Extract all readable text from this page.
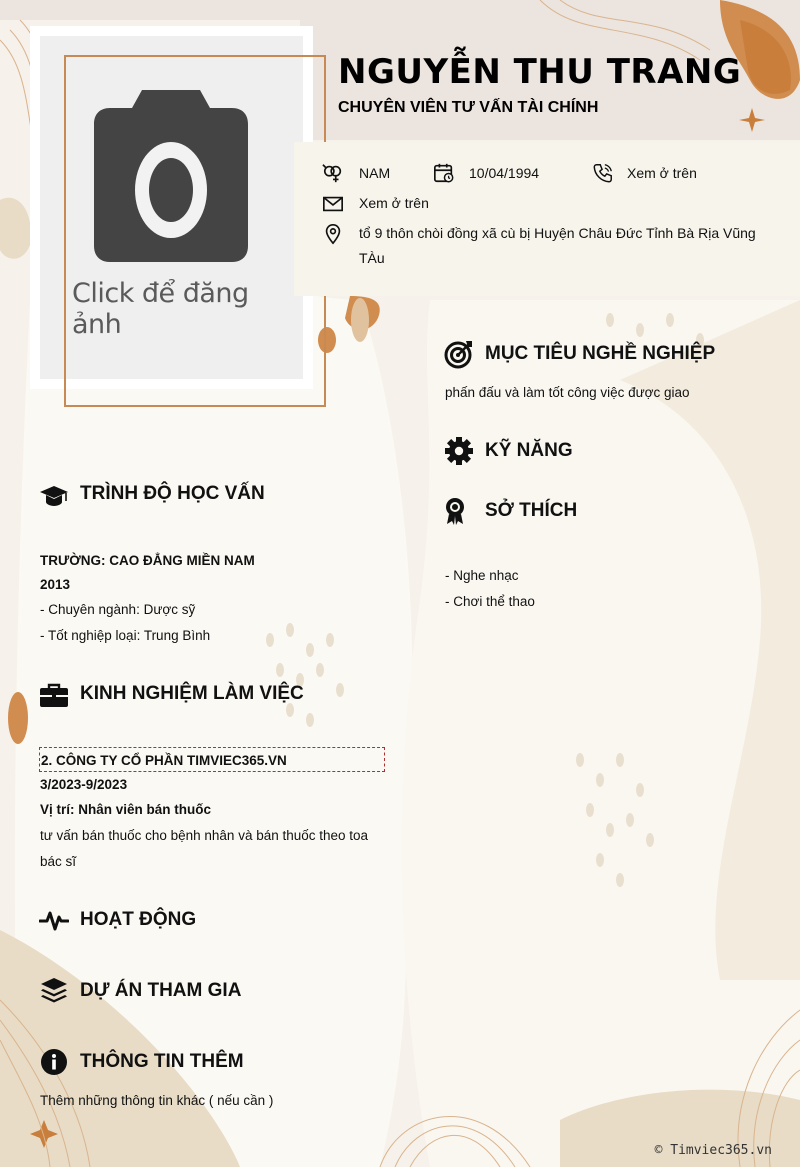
Click để đăng ảnh
NGUYỄN THU TRANG
CHUYÊN VIÊN TƯ VẤN TÀI CHÍNH
NAM	10/04/1994	Xem ở trên
Xem ở trên
tổ 9 thôn chòi đồng xã cù bị Huyện Châu Đức Tỉnh Bà Rịa Vũng
TÀu
TRÌNH ĐỘ HỌC VẤN
TRƯỜNG: CAO ĐẲNG MIỀN NAM
2013
- Chuyên ngành: Dược sỹ
- Tốt nghiệp loại: Trung Bình
KINH NGHIỆM LÀM VIỆC
2. CÔNG TY CỔ PHẦN TIMVIEC365.VN
3/2023-9/2023
Vị trí: Nhân viên bán thuốc
tư vấn bán thuốc cho bệnh nhân và bán thuốc theo toa
bác sĩ
HOẠT ĐỘNG
DỰ ÁN THAM GIA
THÔNG TIN THÊM
Thêm những thông tin khác ( nếu cần )
MỤC TIÊU NGHỀ NGHIỆP
phấn đấu và làm tốt công việc được giao
KỸ NĂNG
SỞ THÍCH
- Nghe nhạc
- Chơi thể thao
© Timviec365.vn
